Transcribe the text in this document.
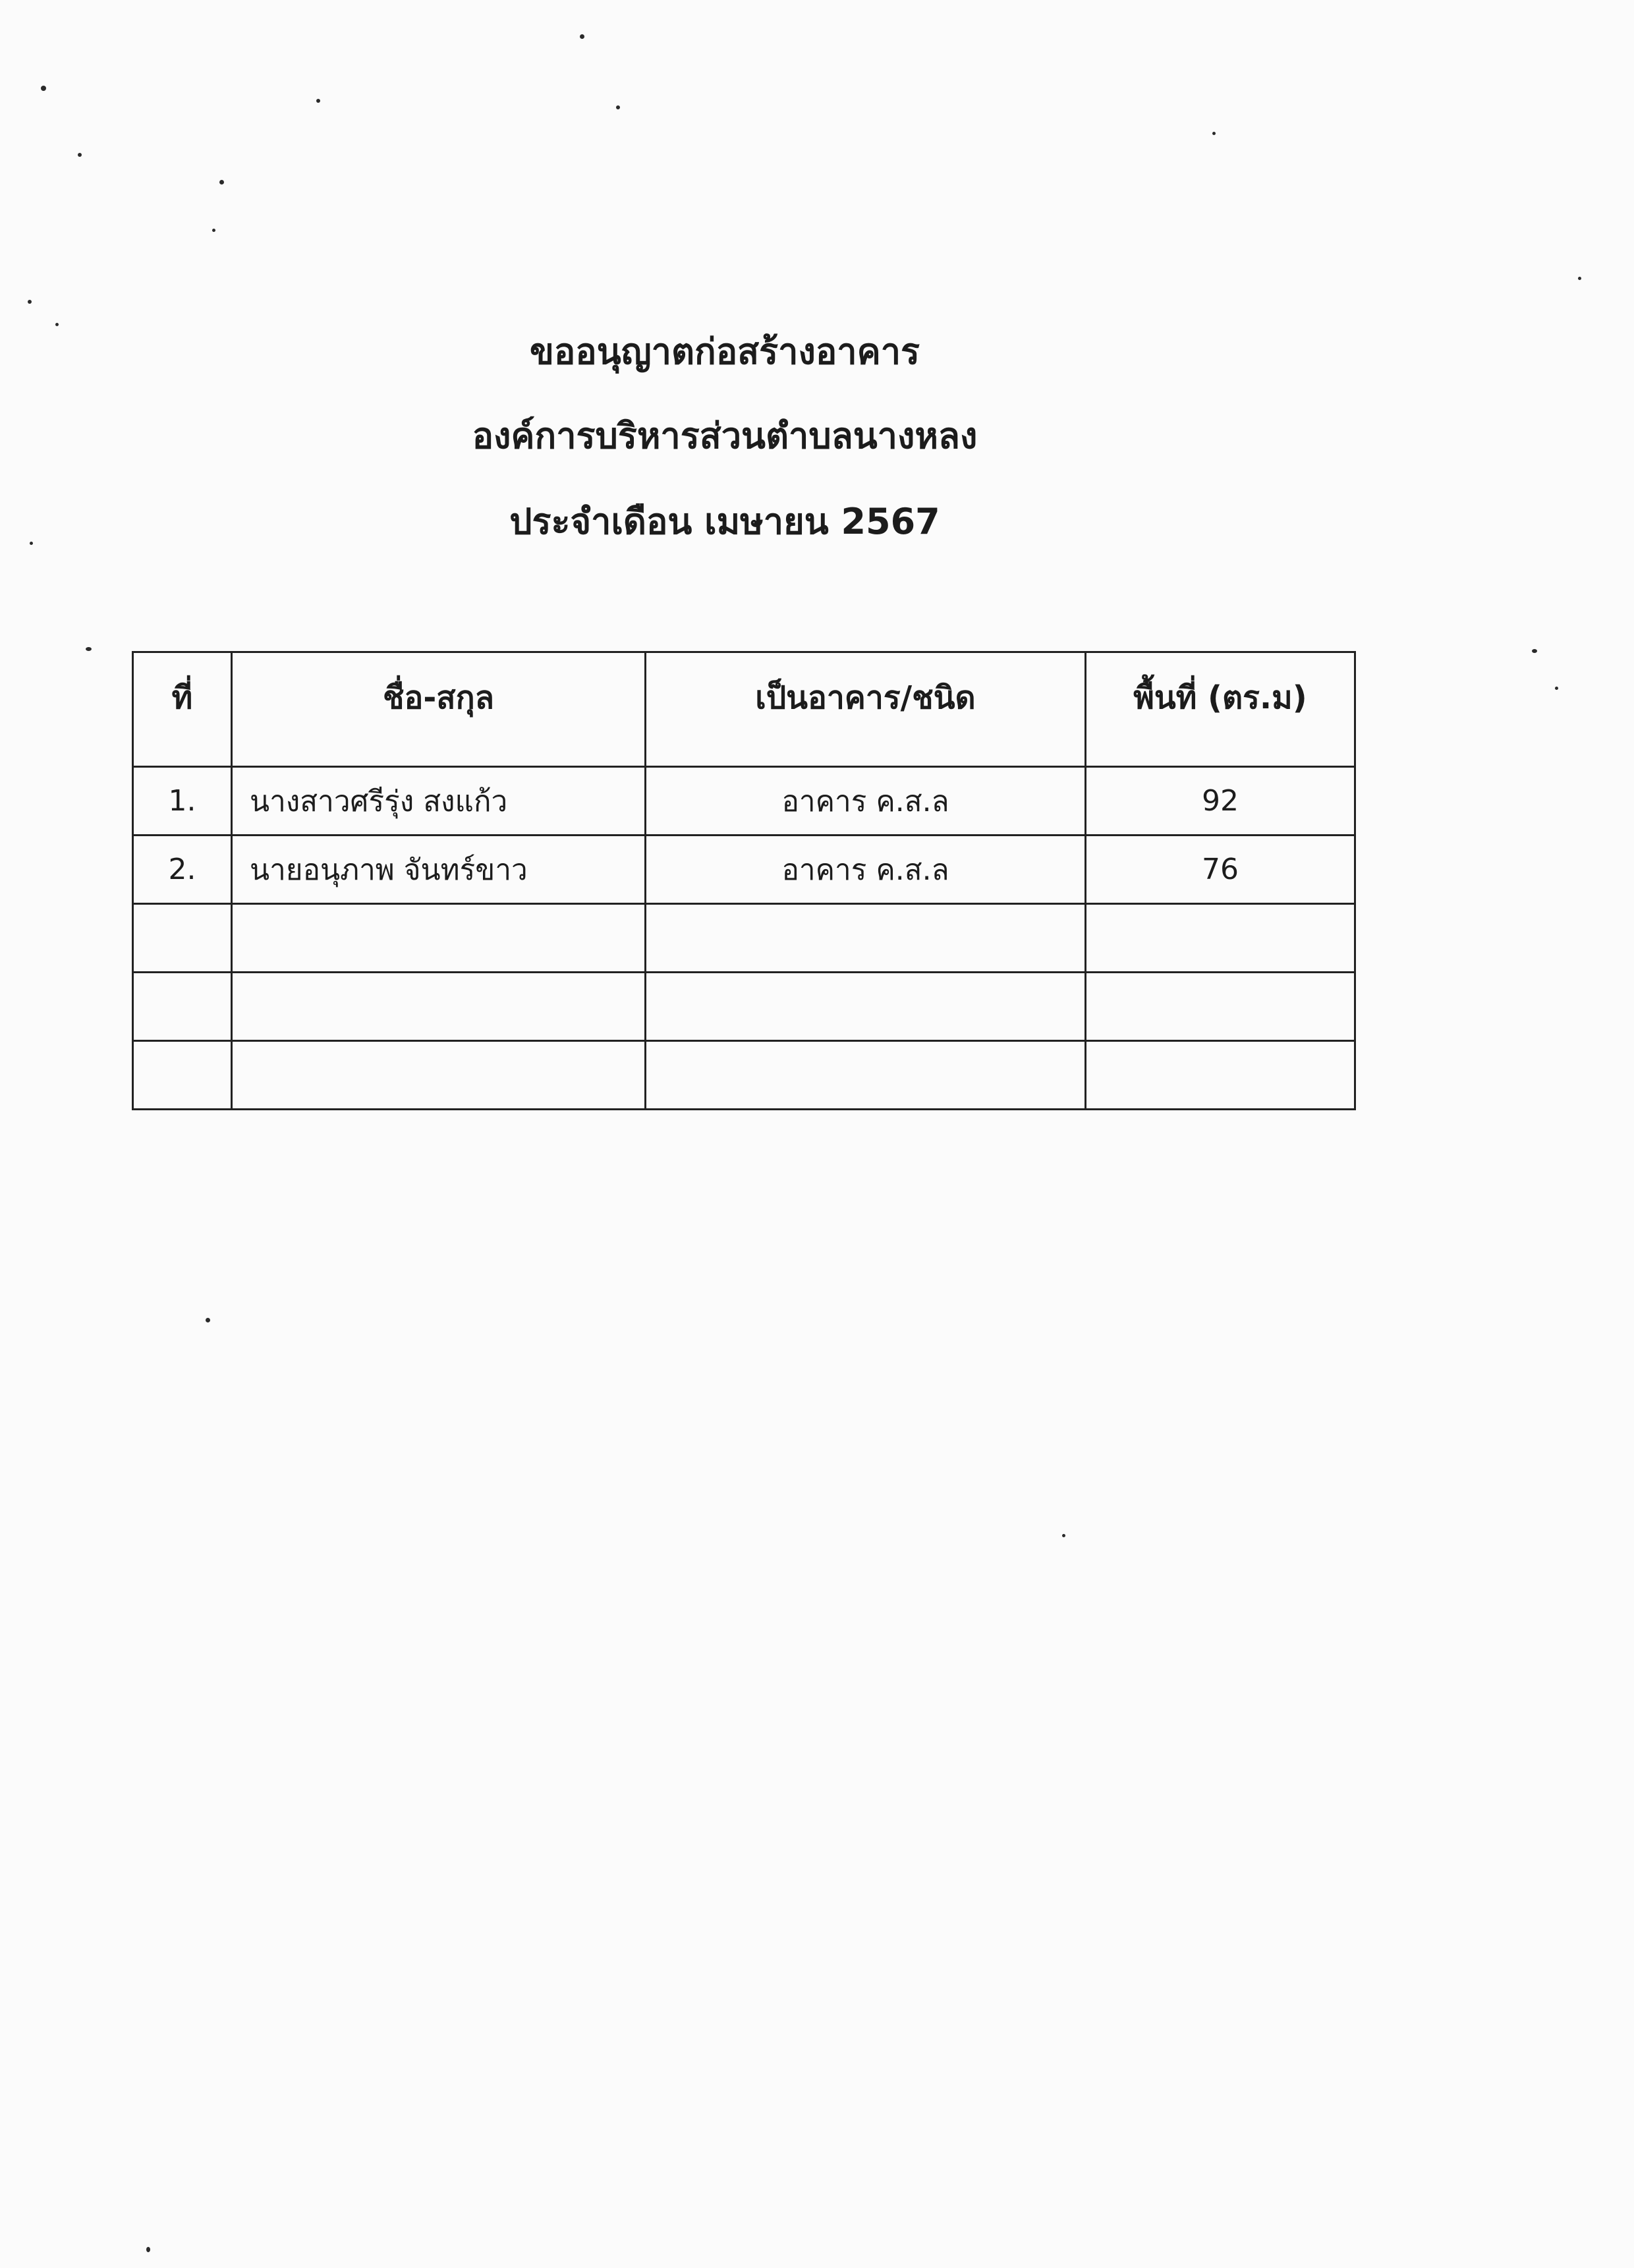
ขออนุญาตก่อสร้างอาคาร
องค์การบริหารส่วนตำบลนางหลง
ประจำเดือน เมษายน 2567
ที่	ชื่อ-สกุล	เป็นอาคาร/ชนิด	พื้นที่ (ตร.ม)
1.	นางสาวศรีรุ่ง สงแก้ว	อาคาร ค.ส.ล	92
2.	นายอนุภาพ จันทร์ขาว	อาคาร ค.ส.ล	76
